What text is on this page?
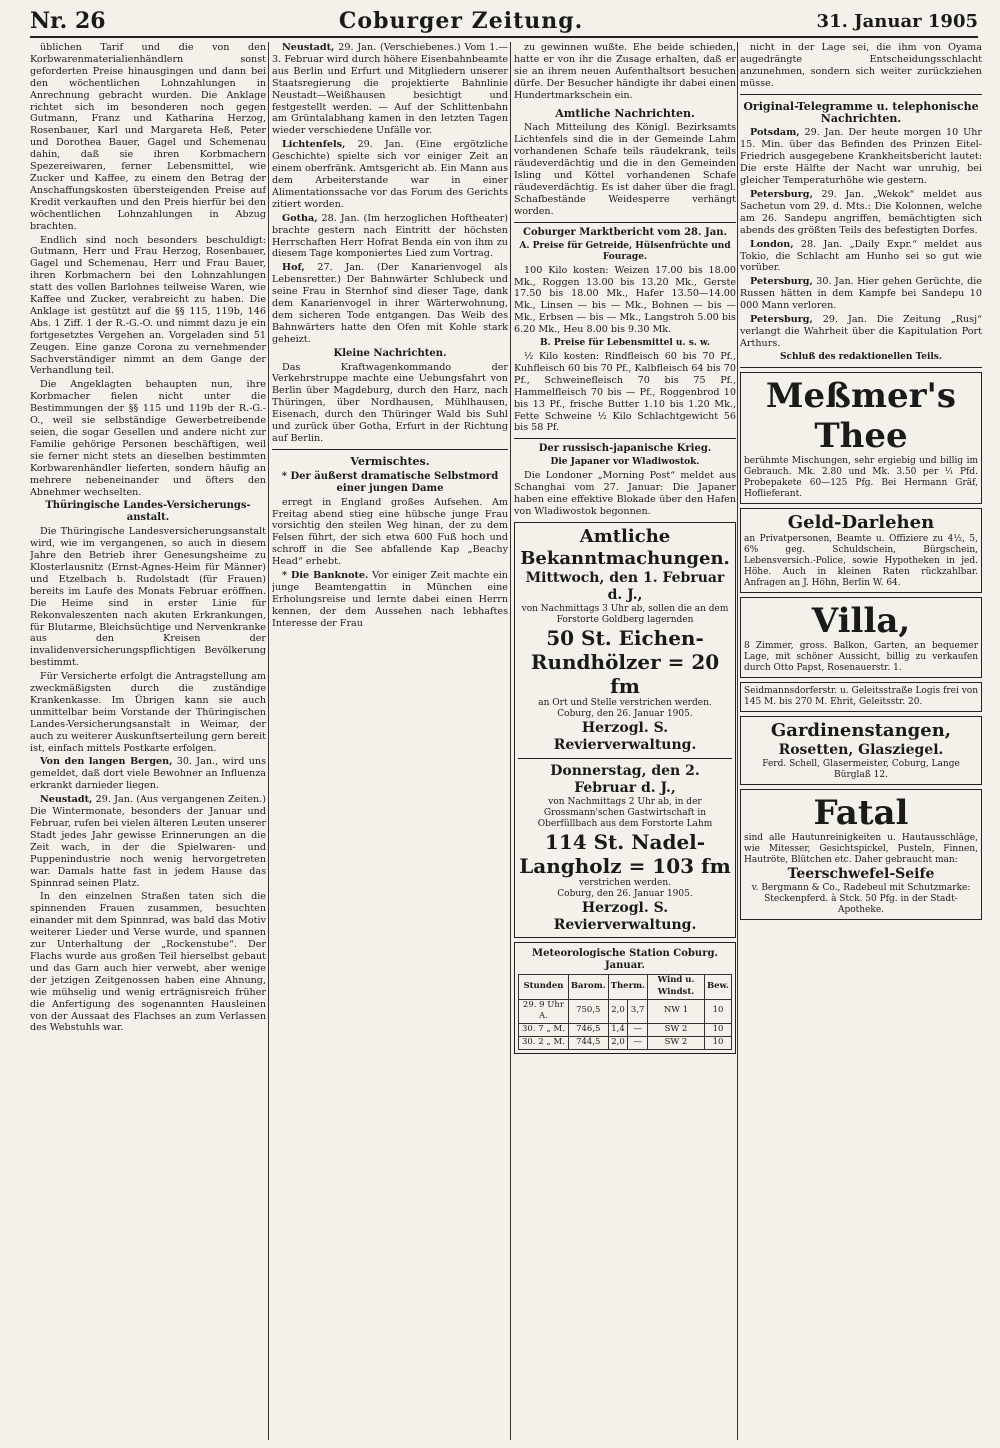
Nr. 26	Coburger Zeitung.	31. Januar 1905

üblichen Tarif und die von den Korbwarenmaterialienhändlern sonst geforderten Preise hinausgingen und dann bei den wöchentlichen Lohnzahlungen in Anrechnung gebracht wurden. Die Anklage richtet sich im besonderen noch gegen Gutmann, Franz und Katharina Herzog, Rosenbauer, Karl und Margareta Heß, Peter und Dorothea Bauer, Gagel und Schemenau dahin, daß sie ihren Korbmachern Spezereiwaren, ferner Lebensmittel, wie Zucker und Kaffee, zu einem den Betrag der Anschaffungskosten übersteigenden Preise auf Kredit verkauften und den Preis hierfür bei den wöchentlichen Lohnzahlungen in Abzug brachten.

Endlich sind noch besonders beschuldigt: Gutmann, Herr und Frau Herzog, Rosenbauer, Gagel und Schemenau, Herr und Frau Bauer, ihren Korbmachern bei den Lohnzahlungen statt des vollen Barlohnes teilweise Waren, wie Kaffee und Zucker, verabreicht zu haben. Die Anklage ist gestützt auf die §§ 115, 119b, 146 Abs. 1 Ziff. 1 der R.-G.-O. und nimmt dazu je ein fortgesetztes Vergehen an. Vorgeladen sind 51 Zeugen. Eine ganze Corona zu vernehmender Sachverständiger nimmt an dem Gange der Verhandlung teil.

Die Angeklagten behaupten nun, ihre Korbmacher fielen nicht unter die Bestimmungen der §§ 115 und 119b der R.-G.-O., weil sie selbständige Gewerbetreibende seien, die sogar Gesellen und andere nicht zur Familie gehörige Personen beschäftigen, weil sie ferner nicht stets an dieselben bestimmten Korbwarenhändler lieferten, sondern häufig an mehrere nebeneinander und öfters den Abnehmer wechselten.

Thüringische Landes-Versicherungs-anstalt.

Die Thüringische Landesversicherungsanstalt wird, wie im vergangenen, so auch in diesem Jahre den Betrieb ihrer Genesungsheime zu Klosterlausnitz (Ernst-Agnes-Heim für Männer) und Etzelbach b. Rudolstadt (für Frauen) bereits im Laufe des Monats Februar eröffnen. Die Heime sind in erster Linie für Rekonvaleszenten nach akuten Erkrankungen, für Blutarme, Bleichsüchtige und Nervenkranke aus den Kreisen der invalidenversicherungspflichtigen Bevölkerung bestimmt.

Für Versicherte erfolgt die Antragstellung am zweckmäßigsten durch die zuständige Krankenkasse. Im Übrigen kann sie auch unmittelbar beim Vorstande der Thüringischen Landes-Versicherungsanstalt in Weimar, der auch zu weiterer Auskunftserteilung gern bereit ist, einfach mittels Postkarte erfolgen.

Von den langen Bergen, 30. Jan., wird uns gemeldet, daß dort viele Bewohner an Influenza erkrankt darnieder liegen.

Neustadt, 29. Jan. (Aus vergangenen Zeiten.) Die Wintermonate, besonders der Januar und Februar, rufen bei vielen älteren Leuten unserer Stadt jedes Jahr gewisse Erinnerungen an die Zeit wach, in der die Spielwaren- und Puppenindustrie noch wenig hervorgetreten war. Damals hatte fast in jedem Hause das Spinnrad seinen Platz.

In den einzelnen Straßen taten sich die spinnenden Frauen zusammen, besuchten einander mit dem Spinnrad, was bald das Motiv weiterer Lieder und Verse wurde, und spannen zur Unterhaltung der „Rockenstube“. Der Flachs wurde aus großen Teil hierselbst gebaut und das Garn auch hier verwebt, aber wenige der jetzigen Zeitgenossen haben eine Ahnung, wie mühselig und wenig erträgnisreich früher die Anfertigung des sogenannten Hausleinen von der Aussaat des Flachses an zum Verlassen des Webstuhls war.

Neustadt, 29. Jan. (Verschiebenes.) Vom 1.—3. Februar wird durch höhere Eisenbahnbeamte aus Berlin und Erfurt und Mitgliedern unserer Staatsregierung die projektierte Bahnlinie Neustadt—Weißhausen besichtigt und festgestellt werden. — Auf der Schlittenbahn am Grüntalabhang kamen in den letzten Tagen wieder verschiedene Unfälle vor.

Lichtenfels, 29. Jan. (Eine ergötzliche Geschichte) spielte sich vor einiger Zeit an einem oberfränk. Amtsgericht ab. Ein Mann aus dem Arbeiterstande war in einer Alimentationssache vor das Forum des Gerichts zitiert worden.

Gotha, 28. Jan. (Im herzoglichen Hoftheater) brachte gestern nach Eintritt der höchsten Herrschaften Herr Hofrat Benda ein von ihm zu diesem Tage komponiertes Lied zum Vortrag.

Hof, 27. Jan. (Der Kanarienvogel als Lebensretter.) Der Bahnwärter Schlubeck und seine Frau in Sternhof sind dieser Tage, dank dem Kanarienvogel in ihrer Wärterwohnung, dem sicheren Tode entgangen. Das Weib des Bahnwärters hatte den Ofen mit Kohle stark geheizt.

Kleine Nachrichten.

Das Kraftwagenkommando der Verkehrstruppe machte eine Uebungsfahrt von Berlin über Magdeburg, durch den Harz, nach Thüringen, über Nordhausen, Mühlhausen, Eisenach, durch den Thüringer Wald bis Suhl und zurück über Gotha, Erfurt in der Richtung auf Berlin.

Vermischtes.
* Der äußerst dramatische Selbstmord einer jungen Dame

erregt in England großes Aufsehen. Am Freitag abend stieg eine hübsche junge Frau vorsichtig den steilen Weg hinan, der zu dem Felsen führt, der sich etwa 600 Fuß hoch und schroff in die See abfallende Kap „Beachy Head“ erhebt.

* Die Banknote. Vor einiger Zeit machte ein junge Beamtengattin in München eine Erholungsreise und lernte dabei einen Herrn kennen, der dem Aussehen nach lebhaftes Interesse der Frau

zu gewinnen wußte. Ehe beide schieden, hatte er von ihr die Zusage erhalten, daß er sie an ihrem neuen Aufenthaltsort besuchen dürfe. Der Besucher händigte ihr dabei einen Hundertmarkschein ein.

Amtliche Nachrichten.

Nach Mitteilung des Königl. Bezirksamts Lichtenfels sind die in der Gemeinde Lahm vorhandenen Schafe teils räudekrank, teils räudeverdächtig und die in den Gemeinden Isling und Köttel vorhandenen Schafe räudeverdächtig. Es ist daher über die fragl. Schafbestände Weidesperre verhängt worden.

Coburger Marktbericht vom 28. Jan.
A. Preise für Getreide, Hülsenfrüchte und Fourage.

100 Kilo kosten: Weizen 17.00 bis 18.00 Mk., Roggen 13.00 bis 13.20 Mk., Gerste 17.50 bis 18.00 Mk., Hafer 13.50—14.00 Mk., Linsen — bis — Mk., Bohnen — bis — Mk., Erbsen — bis — Mk., Langstroh 5.00 bis 6.20 Mk., Heu 8.00 bis 9.30 Mk.

B. Preise für Lebensmittel u. s. w.

½ Kilo kosten: Rindfleisch 60 bis 70 Pf., Kuhfleisch 60 bis 70 Pf., Kalbfleisch 64 bis 70 Pf., Schweinefleisch 70 bis 75 Pf., Hammelfleisch 70 bis — Pf., Roggenbrod 10 bis 13 Pf., frische Butter 1.10 bis 1.20 Mk., Fette Schweine ½ Kilo Schlachtgewicht 56 bis 58 Pf.

Der russisch-japanische Krieg.
Die Japaner vor Wladiwostok.

Die Londoner „Morning Post“ meldet aus Schanghai vom 27. Januar: Die Japaner haben eine effektive Blokade über den Hafen von Wladiwostok begonnen.

Amtliche Bekanntmachungen.
Mittwoch, den 1. Februar d. J.,
von Nachmittags 3 Uhr ab, sollen die an dem Forstorte Goldberg lagernden
50 St. Eichen-Rundhölzer = 20 fm
an Ort und Stelle verstrichen werden.
Coburg, den 26. Januar 1905.
Herzogl. S. Revierverwaltung.
Donnerstag, den 2. Februar d. J.,
von Nachmittags 2 Uhr ab, in der Grossmann'schen Gastwirtschaft in Oberfüllbach aus dem Forstorte Lahm
114 St. Nadel-Langholz = 103 fm
verstrichen werden.
Coburg, den 26. Januar 1905.
Herzogl. S. Revierverwaltung.
Meteorologische Station Coburg. Januar.
Stunden	Barom.	Therm.		Wind u. Windst.	Bew.
29. 9 Uhr A.	750,5	2,0	3,7	NW 1	10
30. 7 „ M.	746,5	1,4	—	SW 2	10
30. 2 „ M.	744,5	2,0	—	SW 2	10

nicht in der Lage sei, die ihm von Oyama augedrängte Entscheidungsschlacht anzunehmen, sondern sich weiter zurückziehen müsse.

Original-Telegramme u. telephonische Nachrichten.

Potsdam, 29. Jan. Der heute morgen 10 Uhr 15. Min. über das Befinden des Prinzen Eitel-Friedrich ausgegebene Krankheitsbericht lautet: Die erste Hälfte der Nacht war unruhig, bei gleicher Temperaturhöhe wie gestern.

Petersburg, 29. Jan. „Wekok“ meldet aus Sachetun vom 29. d. Mts.: Die Kolonnen, welche am 26. Sandepu angriffen, bemächtigten sich abends des größten Teils des befestigten Dorfes.

London, 28. Jan. „Daily Expr.“ meldet aus Tokio, die Schlacht am Hunho sei so gut wie vorüber.

Petersburg, 30. Jan. Hier gehen Gerüchte, die Russen hätten in dem Kampfe bei Sandepu 10 000 Mann verloren.

Petersburg, 29. Jan. Die Zeitung „Rusj“ verlangt die Wahrheit über die Kapitulation Port Arthurs.

Schluß des redaktionellen Teils.
Meßmer's Thee
berühmte Mischungen, sehr ergiebig und billig im Gebrauch. Mk. 2.80 und Mk. 3.50 per ⅟₁ Pfd. Probepakete 60—125 Pfg. Bei Hermann Gräf, Hoflieferant.
Geld-Darlehen
an Privatpersonen, Beamte u. Offiziere zu 4½, 5, 6% geg. Schuldschein, Bürgschein, Lebensversich.-Police, sowie Hypotheken in jed. Höhe. Auch in kleinen Raten rückzahlbar. Anfragen an J. Höhn, Berlin W. 64.
Villa,
8 Zimmer, gross. Balkon, Garten, an bequemer Lage, mit schöner Aussicht, billig zu verkaufen durch Otto Papst, Rosenauerstr. 1.
Seidmannsdorferstr. u. Geleitsstraße Logis frei von 145 M. bis 270 M. Ehrit, Geleitsstr. 20.
Gardinenstangen,
Rosetten, Glasziegel.
Ferd. Schell, Glasermeister, Coburg, Lange Bürglaß 12.
Fatal
sind alle Hautunreinigkeiten u. Hautausschläge, wie Mitesser, Gesichtspickel, Pusteln, Finnen, Hautröte, Blütchen etc. Daher gebraucht man:
Teerschwefel-Seife
v. Bergmann & Co., Radebeul mit Schutzmarke: Steckenpferd. à Stck. 50 Pfg. in der Stadt-Apotheke.
